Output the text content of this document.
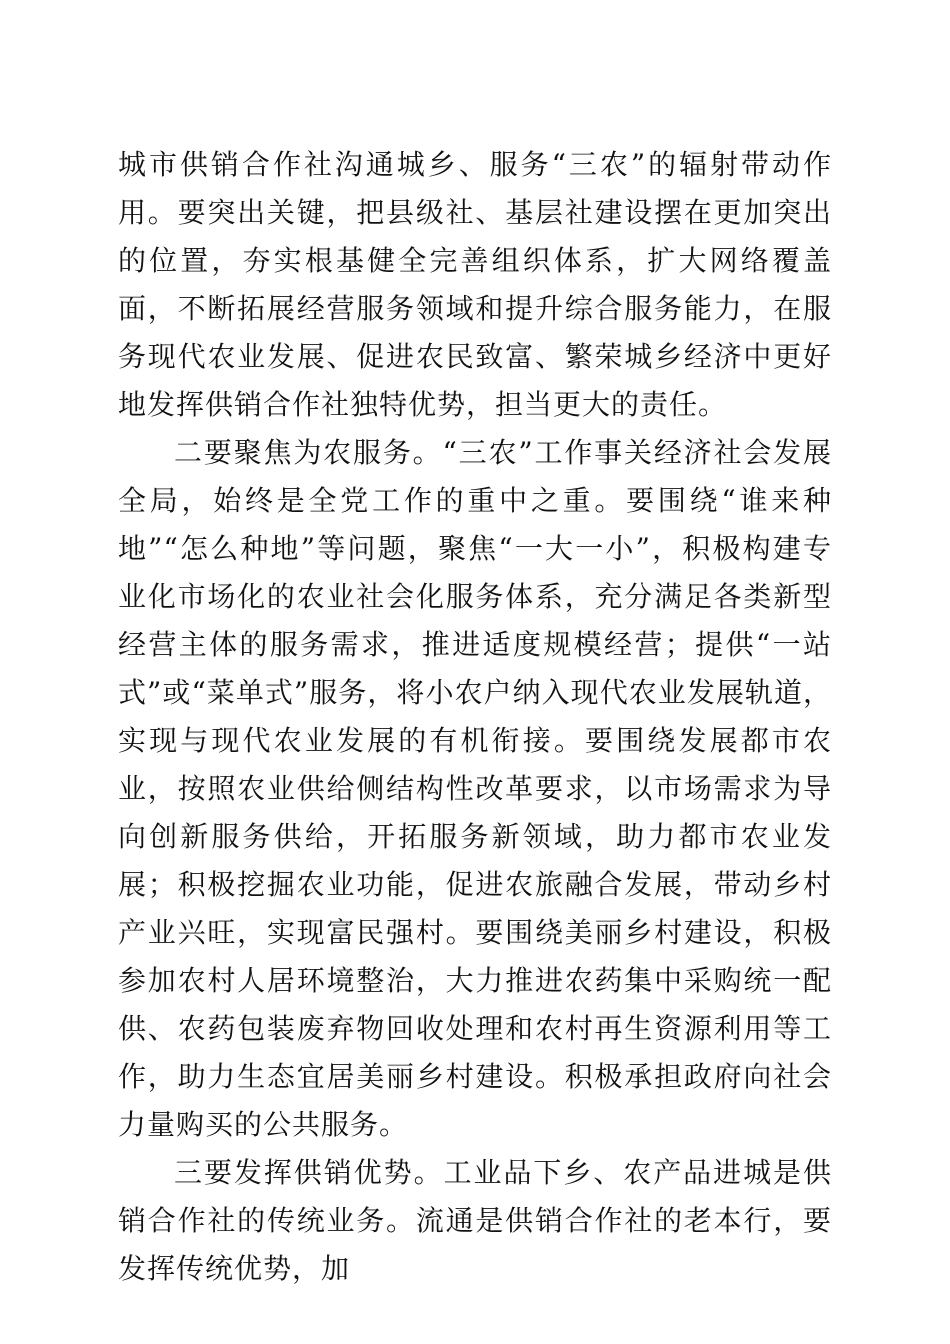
城市供销合作社沟通城乡、服务“三农”的辐射带动作用。要突出关键，把县级社、基层社建设摆在更加突出的位置，夯实根基健全完善组织体系，扩大网络覆盖面，不断拓展经营服务领域和提升综合服务能力，在服务现代农业发展、促进农民致富、繁荣城乡经济中更好地发挥供销合作社独特优势，担当更大的责任。

二要聚焦为农服务。“三农”工作事关经济社会发展全局，始终是全党工作的重中之重。要围绕“谁来种地”“怎么种地”等问题，聚焦“一大一小”，积极构建专业化市场化的农业社会化服务体系，充分满足各类新型经营主体的服务需求，推进适度规模经营；提供“一站式”或“菜单式”服务，将小农户纳入现代农业发展轨道，实现与现代农业发展的有机衔接。要围绕发展都市农业，按照农业供给侧结构性改革要求，以市场需求为导向创新服务供给，开拓服务新领域，助力都市农业发展；积极挖掘农业功能，促进农旅融合发展，带动乡村产业兴旺，实现富民强村。要围绕美丽乡村建设，积极参加农村人居环境整治，大力推进农药集中采购统一配供、农药包装废弃物回收处理和农村再生资源利用等工作，助力生态宜居美丽乡村建设。积极承担政府向社会力量购买的公共服务。

三要发挥供销优势。工业品下乡、农产品进城是供销合作社的传统业务。流通是供销合作社的老本行，要发挥传统优势，加
